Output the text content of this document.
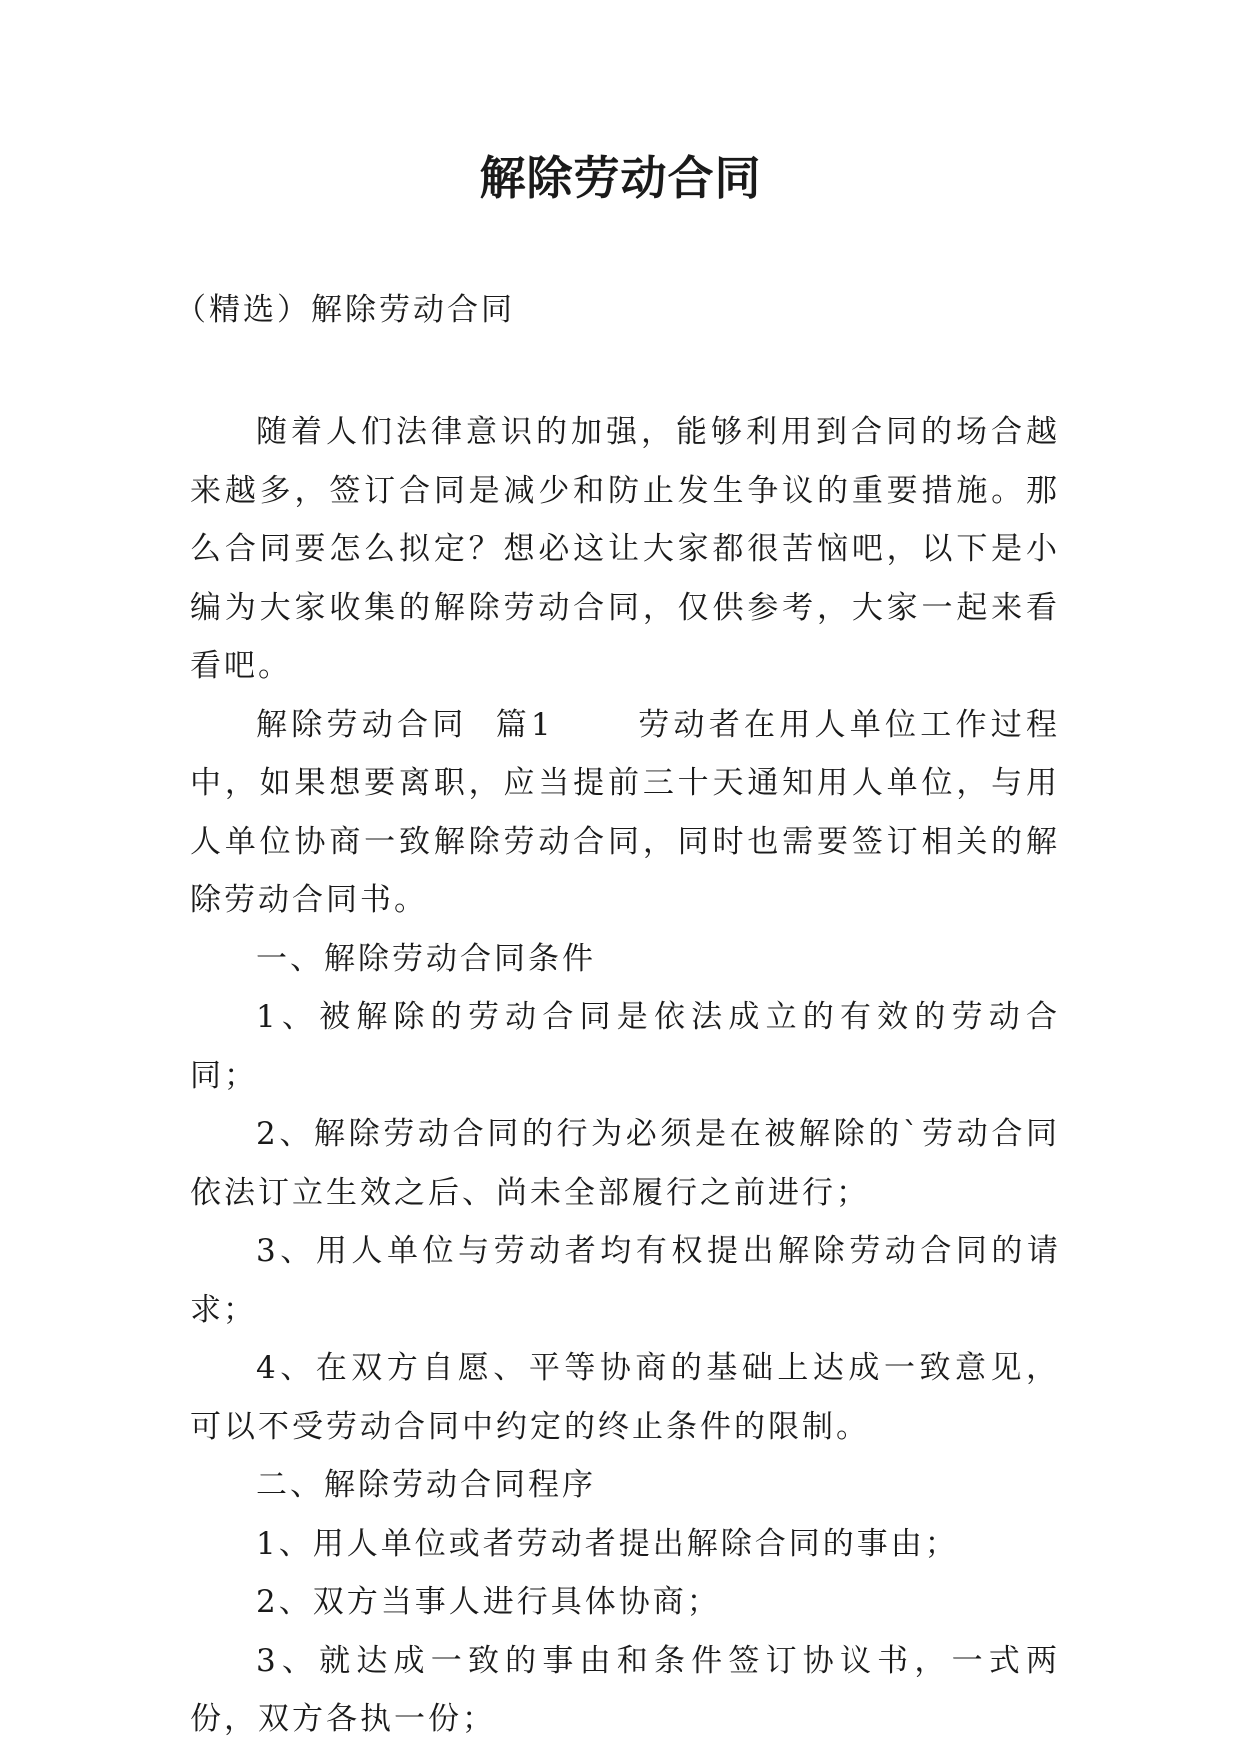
解除劳动合同

（精选）解除劳动合同

随着人们法律意识的加强，能够利用到合同的场合越来越多，签订合同是减少和防止发生争议的重要措施。那么合同要怎么拟定？想必这让大家都很苦恼吧，以下是小编为大家收集的解除劳动合同，仅供参考，大家一起来看看吧。

解除劳动合同  篇1      劳动者在用人单位工作过程中，如果想要离职，应当提前三十天通知用人单位，与用人单位协商一致解除劳动合同，同时也需要签订相关的解除劳动合同书。

一、解除劳动合同条件

1、被解除的劳动合同是依法成立的有效的劳动合同；

2、解除劳动合同的行为必须是在被解除的`劳动合同依法订立生效之后、尚未全部履行之前进行；

3、用人单位与劳动者均有权提出解除劳动合同的请求；

4、在双方自愿、平等协商的基础上达成一致意见，可以不受劳动合同中约定的终止条件的限制。

二、解除劳动合同程序

1、用人单位或者劳动者提出解除合同的事由；

2、双方当事人进行具体协商；

3、就达成一致的事由和条件签订协议书，一式两份，双方各执一份；
